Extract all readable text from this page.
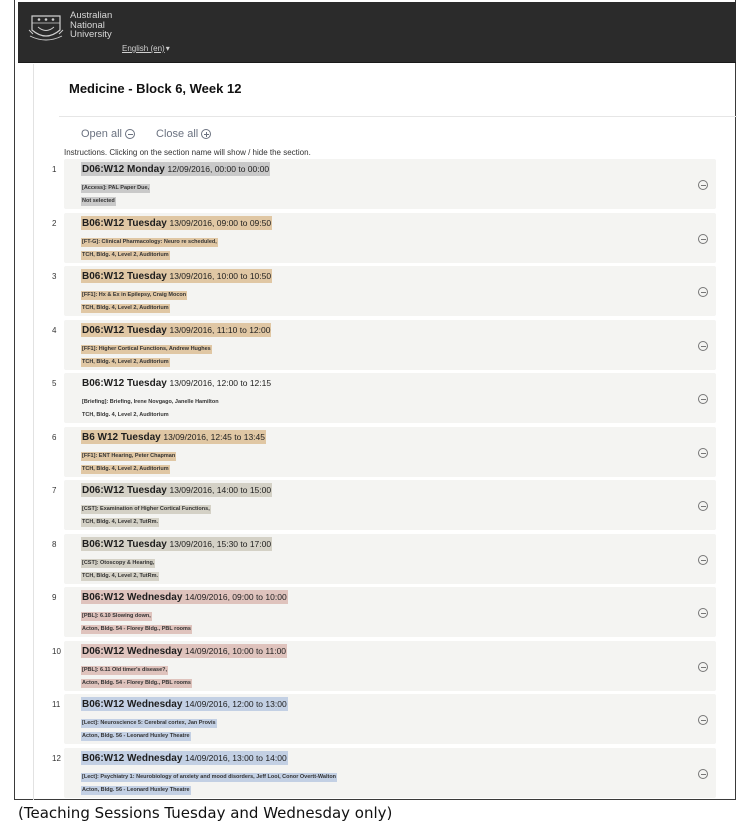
Australian
National
University
English (en)▾
Medicine - Block 6, Week 12
Open all
	Close all
Instructions. Clicking on the section name will show / hide the section.
1	D06:W12 Monday 12/09/2016, 00:00 to 00:00
[Access]: PAL Paper Due,
Not selected
2	B06:W12 Tuesday 13/09/2016, 09:00 to 09:50
[FT-G]: Clinical Pharmacology: Neuro re scheduled,
TCH, Bldg. 4, Level 2, Auditorium
3	B06:W12 Tuesday 13/09/2016, 10:00 to 10:50
[FF1]: Hx & Ex in Epilepsy, Craig Mocon
TCH, Bldg. 4, Level 2, Auditorium
4	D06:W12 Tuesday 13/09/2016, 11:10 to 12:00
[FF1]: Higher Cortical Functions, Andrew Hughes
TCH, Bldg. 4, Level 2, Auditorium
5	B06:W12 Tuesday 13/09/2016, 12:00 to 12:15
[Briefing]: Briefing, Irene Novgago, Janelle Hamilton
TCH, Bldg. 4, Level 2, Auditorium
6	B6 W12 Tuesday 13/09/2016, 12:45 to 13:45
[FF1]: ENT Hearing, Peter Chapman
TCH, Bldg. 4, Level 2, Auditorium
7	D06:W12 Tuesday 13/09/2016, 14:00 to 15:00
[CST]: Examination of Higher Cortical Functions,
TCH, Bldg. 4, Level 2, TutRm.
8	B06:W12 Tuesday 13/09/2016, 15:30 to 17:00
[CST]: Otoscopy & Hearing,
TCH, Bldg. 4, Level 2, TutRm.
9	B06:W12 Wednesday 14/09/2016, 09:00 to 10:00
[PBL]: 6.10 Slowing down,
Acton, Bldg. 54 - Florey Bldg., PBL rooms
10	D06:W12 Wednesday 14/09/2016, 10:00 to 11:00
[PBL]: 6.11 Old timer's disease?,
Acton, Bldg. 54 - Florey Bldg., PBL rooms
11	B06:W12 Wednesday 14/09/2016, 12:00 to 13:00
[Lect]: Neuroscience 5: Cerebral cortex, Jan Provis
Acton, Bldg. 56 - Leonard Huxley Theatre
12	B06:W12 Wednesday 14/09/2016, 13:00 to 14:00
[Lect]: Psychiatry 1: Neurobiology of anxiety and mood disorders, Jeff Looi, Conor Overtt-Walton
Acton, Bldg. 56 - Leonard Huxley Theatre
(Teaching Sessions Tuesday and Wednesday only)
